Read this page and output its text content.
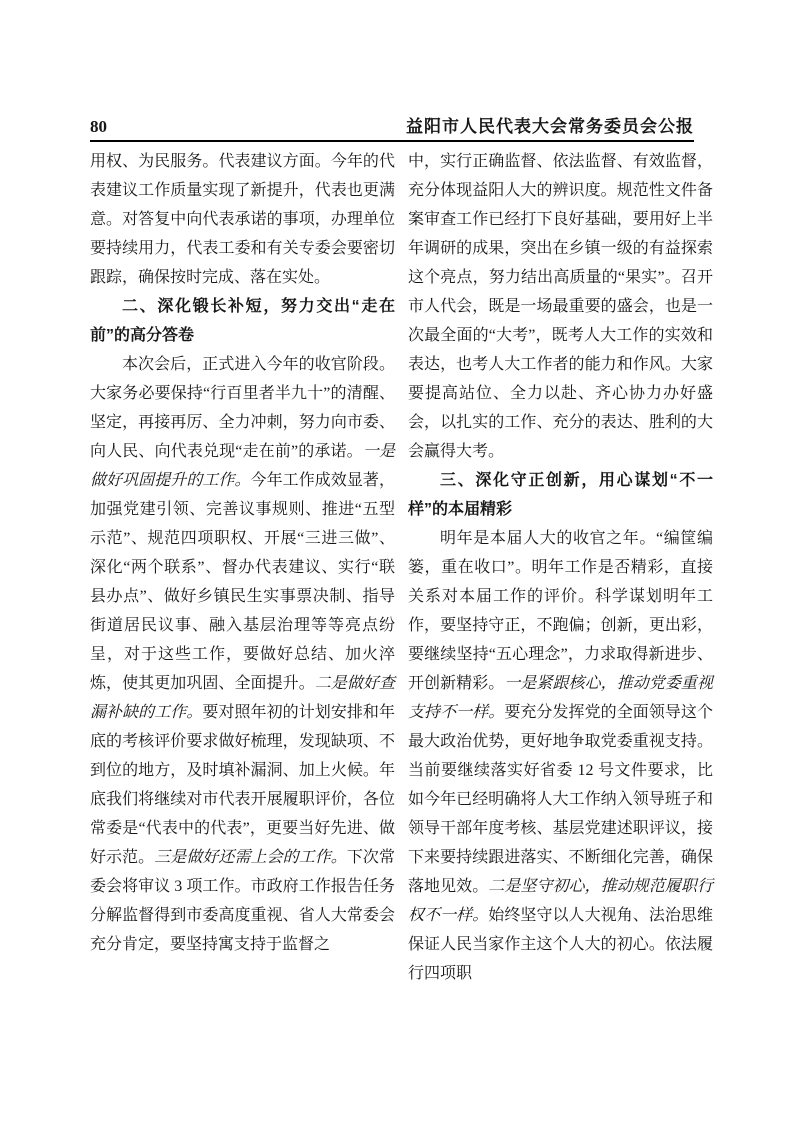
80	益阳市人民代表大会常务委员会公报

用权、为民服务。代表建议方面。今年的代表建议工作质量实现了新提升，代表也更满意。对答复中向代表承诺的事项，办理单位要持续用力，代表工委和有关专委会要密切跟踪，确保按时完成、落在实处。

二、深化锻长补短，努力交出“走在前”的高分答卷

本次会后，正式进入今年的收官阶段。大家务必要保持“行百里者半九十”的清醒、坚定，再接再厉、全力冲刺，努力向市委、向人民、向代表兑现“走在前”的承诺。一是做好巩固提升的工作。今年工作成效显著，加强党建引领、完善议事规则、推进“五型示范”、规范四项职权、开展“三进三做”、深化“两个联系”、督办代表建议、实行“联县办点”、做好乡镇民生实事票决制、指导街道居民议事、融入基层治理等等亮点纷呈，对于这些工作，要做好总结、加火淬炼，使其更加巩固、全面提升。二是做好查漏补缺的工作。要对照年初的计划安排和年底的考核评价要求做好梳理，发现缺项、不到位的地方，及时填补漏洞、加上火候。年底我们将继续对市代表开展履职评价，各位常委是“代表中的代表”，更要当好先进、做好示范。三是做好还需上会的工作。下次常委会将审议 3 项工作。市政府工作报告任务分解监督得到市委高度重视、省人大常委会充分肯定，要坚持寓支持于监督之

中，实行正确监督、依法监督、有效监督，充分体现益阳人大的辨识度。规范性文件备案审查工作已经打下良好基础，要用好上半年调研的成果，突出在乡镇一级的有益探索这个亮点，努力结出高质量的“果实”。召开市人代会，既是一场最重要的盛会，也是一次最全面的“大考”，既考人大工作的实效和表达，也考人大工作者的能力和作风。大家要提高站位、全力以赴、齐心协力办好盛会，以扎实的工作、充分的表达、胜利的大会赢得大考。

三、深化守正创新，用心谋划“不一样”的本届精彩

明年是本届人大的收官之年。“编筐编篓，重在收口”。明年工作是否精彩，直接关系对本届工作的评价。科学谋划明年工作，要坚持守正，不跑偏；创新，更出彩，要继续坚持“五心理念”，力求取得新进步、开创新精彩。一是紧跟核心，推动党委重视支持不一样。要充分发挥党的全面领导这个最大政治优势，更好地争取党委重视支持。当前要继续落实好省委 12 号文件要求，比如今年已经明确将人大工作纳入领导班子和领导干部年度考核、基层党建述职评议，接下来要持续跟进落实、不断细化完善，确保落地见效。二是坚守初心，推动规范履职行权不一样。始终坚守以人大视角、法治思维保证人民当家作主这个人大的初心。依法履行四项职
